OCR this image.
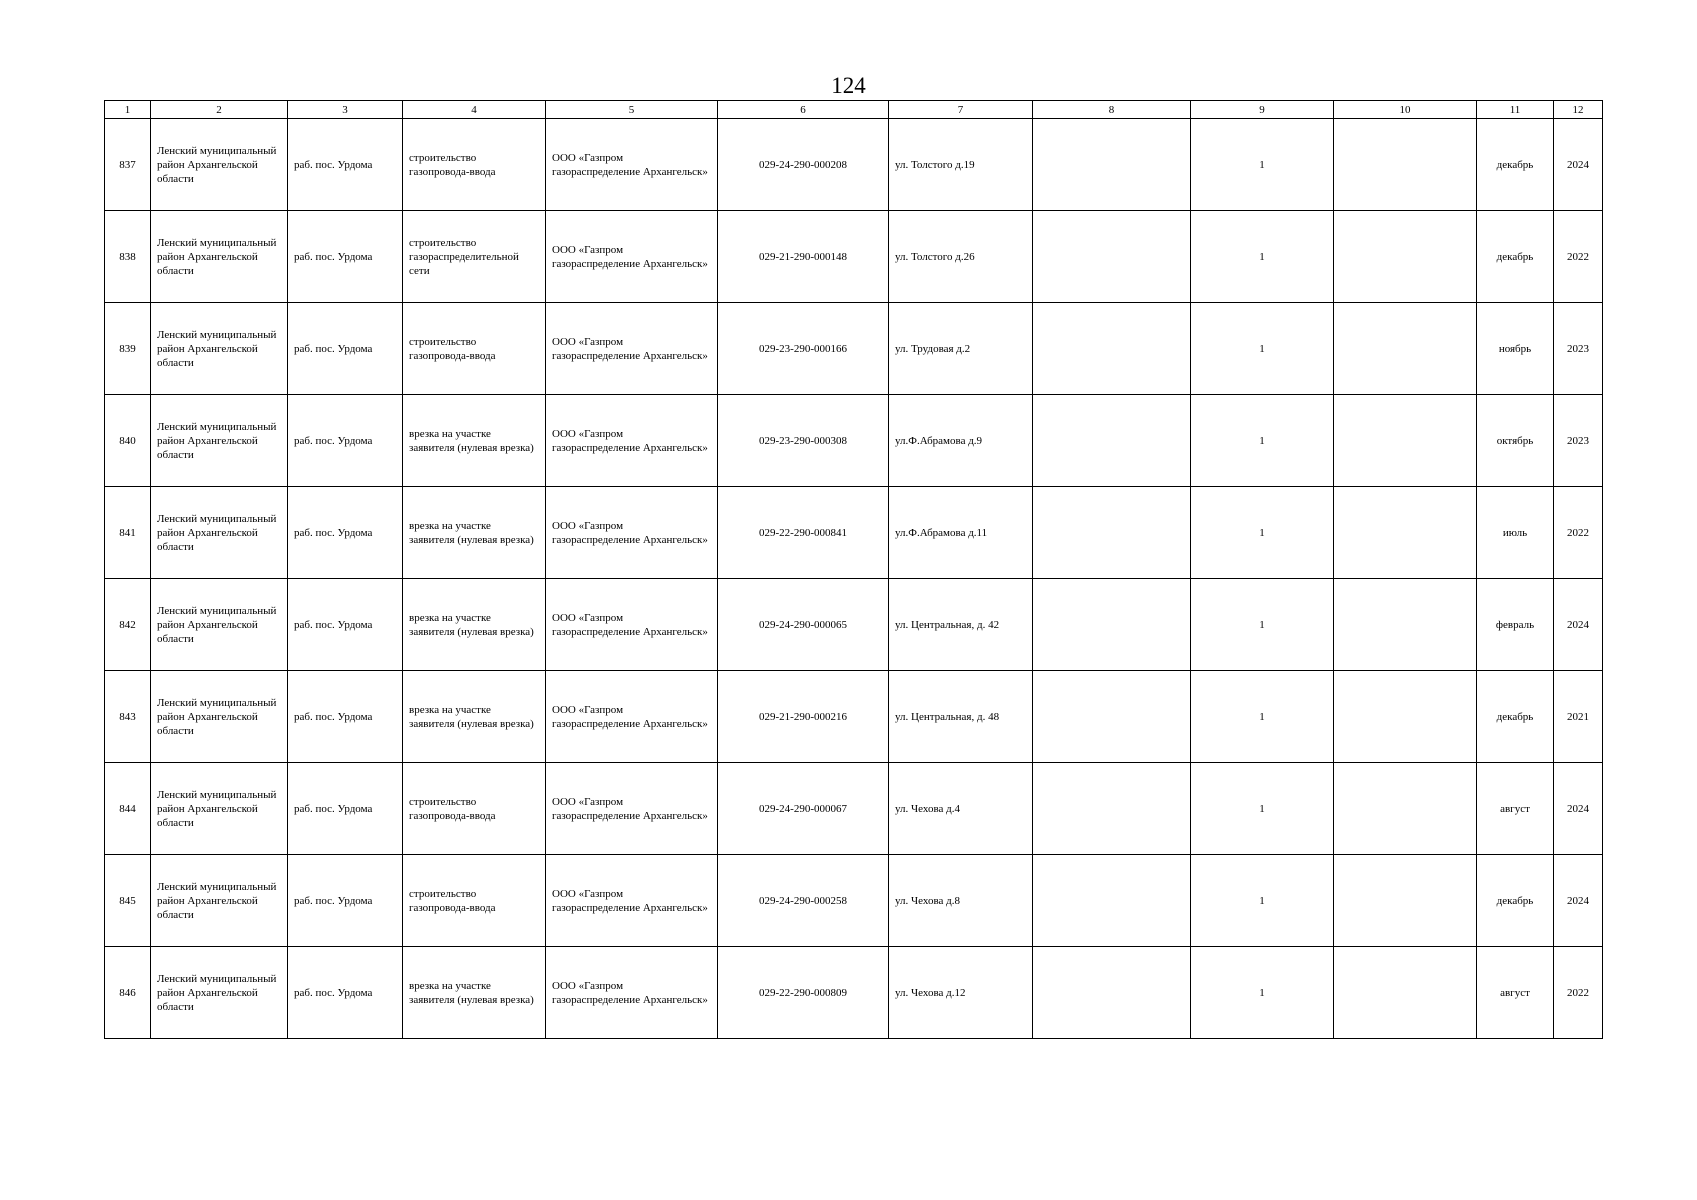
124
1	2	3	4	5	6	7	8	9	10	11	12
837	Ленский муниципальный район Архангельской области	раб. пос. Урдома	строительство газопровода-ввода	ООО «Газпром газораспределение Архангельск»	029-24-290-000208	ул. Толстого д.19		1		декабрь	2024
838	Ленский муниципальный район Архангельской области	раб. пос. Урдома	строительство газораспределительной сети	ООО «Газпром газораспределение Архангельск»	029-21-290-000148	ул. Толстого д.26		1		декабрь	2022
839	Ленский муниципальный район Архангельской области	раб. пос. Урдома	строительство газопровода-ввода	ООО «Газпром газораспределение Архангельск»	029-23-290-000166	ул. Трудовая д.2		1		ноябрь	2023
840	Ленский муниципальный район Архангельской области	раб. пос. Урдома	врезка на участке заявителя (нулевая врезка)	ООО «Газпром газораспределение Архангельск»	029-23-290-000308	ул.Ф.Абрамова д.9		1		октябрь	2023
841	Ленский муниципальный район Архангельской области	раб. пос. Урдома	врезка на участке заявителя (нулевая врезка)	ООО «Газпром газораспределение Архангельск»	029-22-290-000841	ул.Ф.Абрамова д.11		1		июль	2022
842	Ленский муниципальный район Архангельской области	раб. пос. Урдома	врезка на участке заявителя (нулевая врезка)	ООО «Газпром газораспределение Архангельск»	029-24-290-000065	ул. Центральная, д. 42		1		февраль	2024
843	Ленский муниципальный район Архангельской области	раб. пос. Урдома	врезка на участке заявителя (нулевая врезка)	ООО «Газпром газораспределение Архангельск»	029-21-290-000216	ул. Центральная, д. 48		1		декабрь	2021
844	Ленский муниципальный район Архангельской области	раб. пос. Урдома	строительство газопровода-ввода	ООО «Газпром газораспределение Архангельск»	029-24-290-000067	ул. Чехова д.4		1		август	2024
845	Ленский муниципальный район Архангельской области	раб. пос. Урдома	строительство газопровода-ввода	ООО «Газпром газораспределение Архангельск»	029-24-290-000258	ул. Чехова д.8		1		декабрь	2024
846	Ленский муниципальный район Архангельской области	раб. пос. Урдома	врезка на участке заявителя (нулевая врезка)	ООО «Газпром газораспределение Архангельск»	029-22-290-000809	ул. Чехова д.12		1		август	2022
